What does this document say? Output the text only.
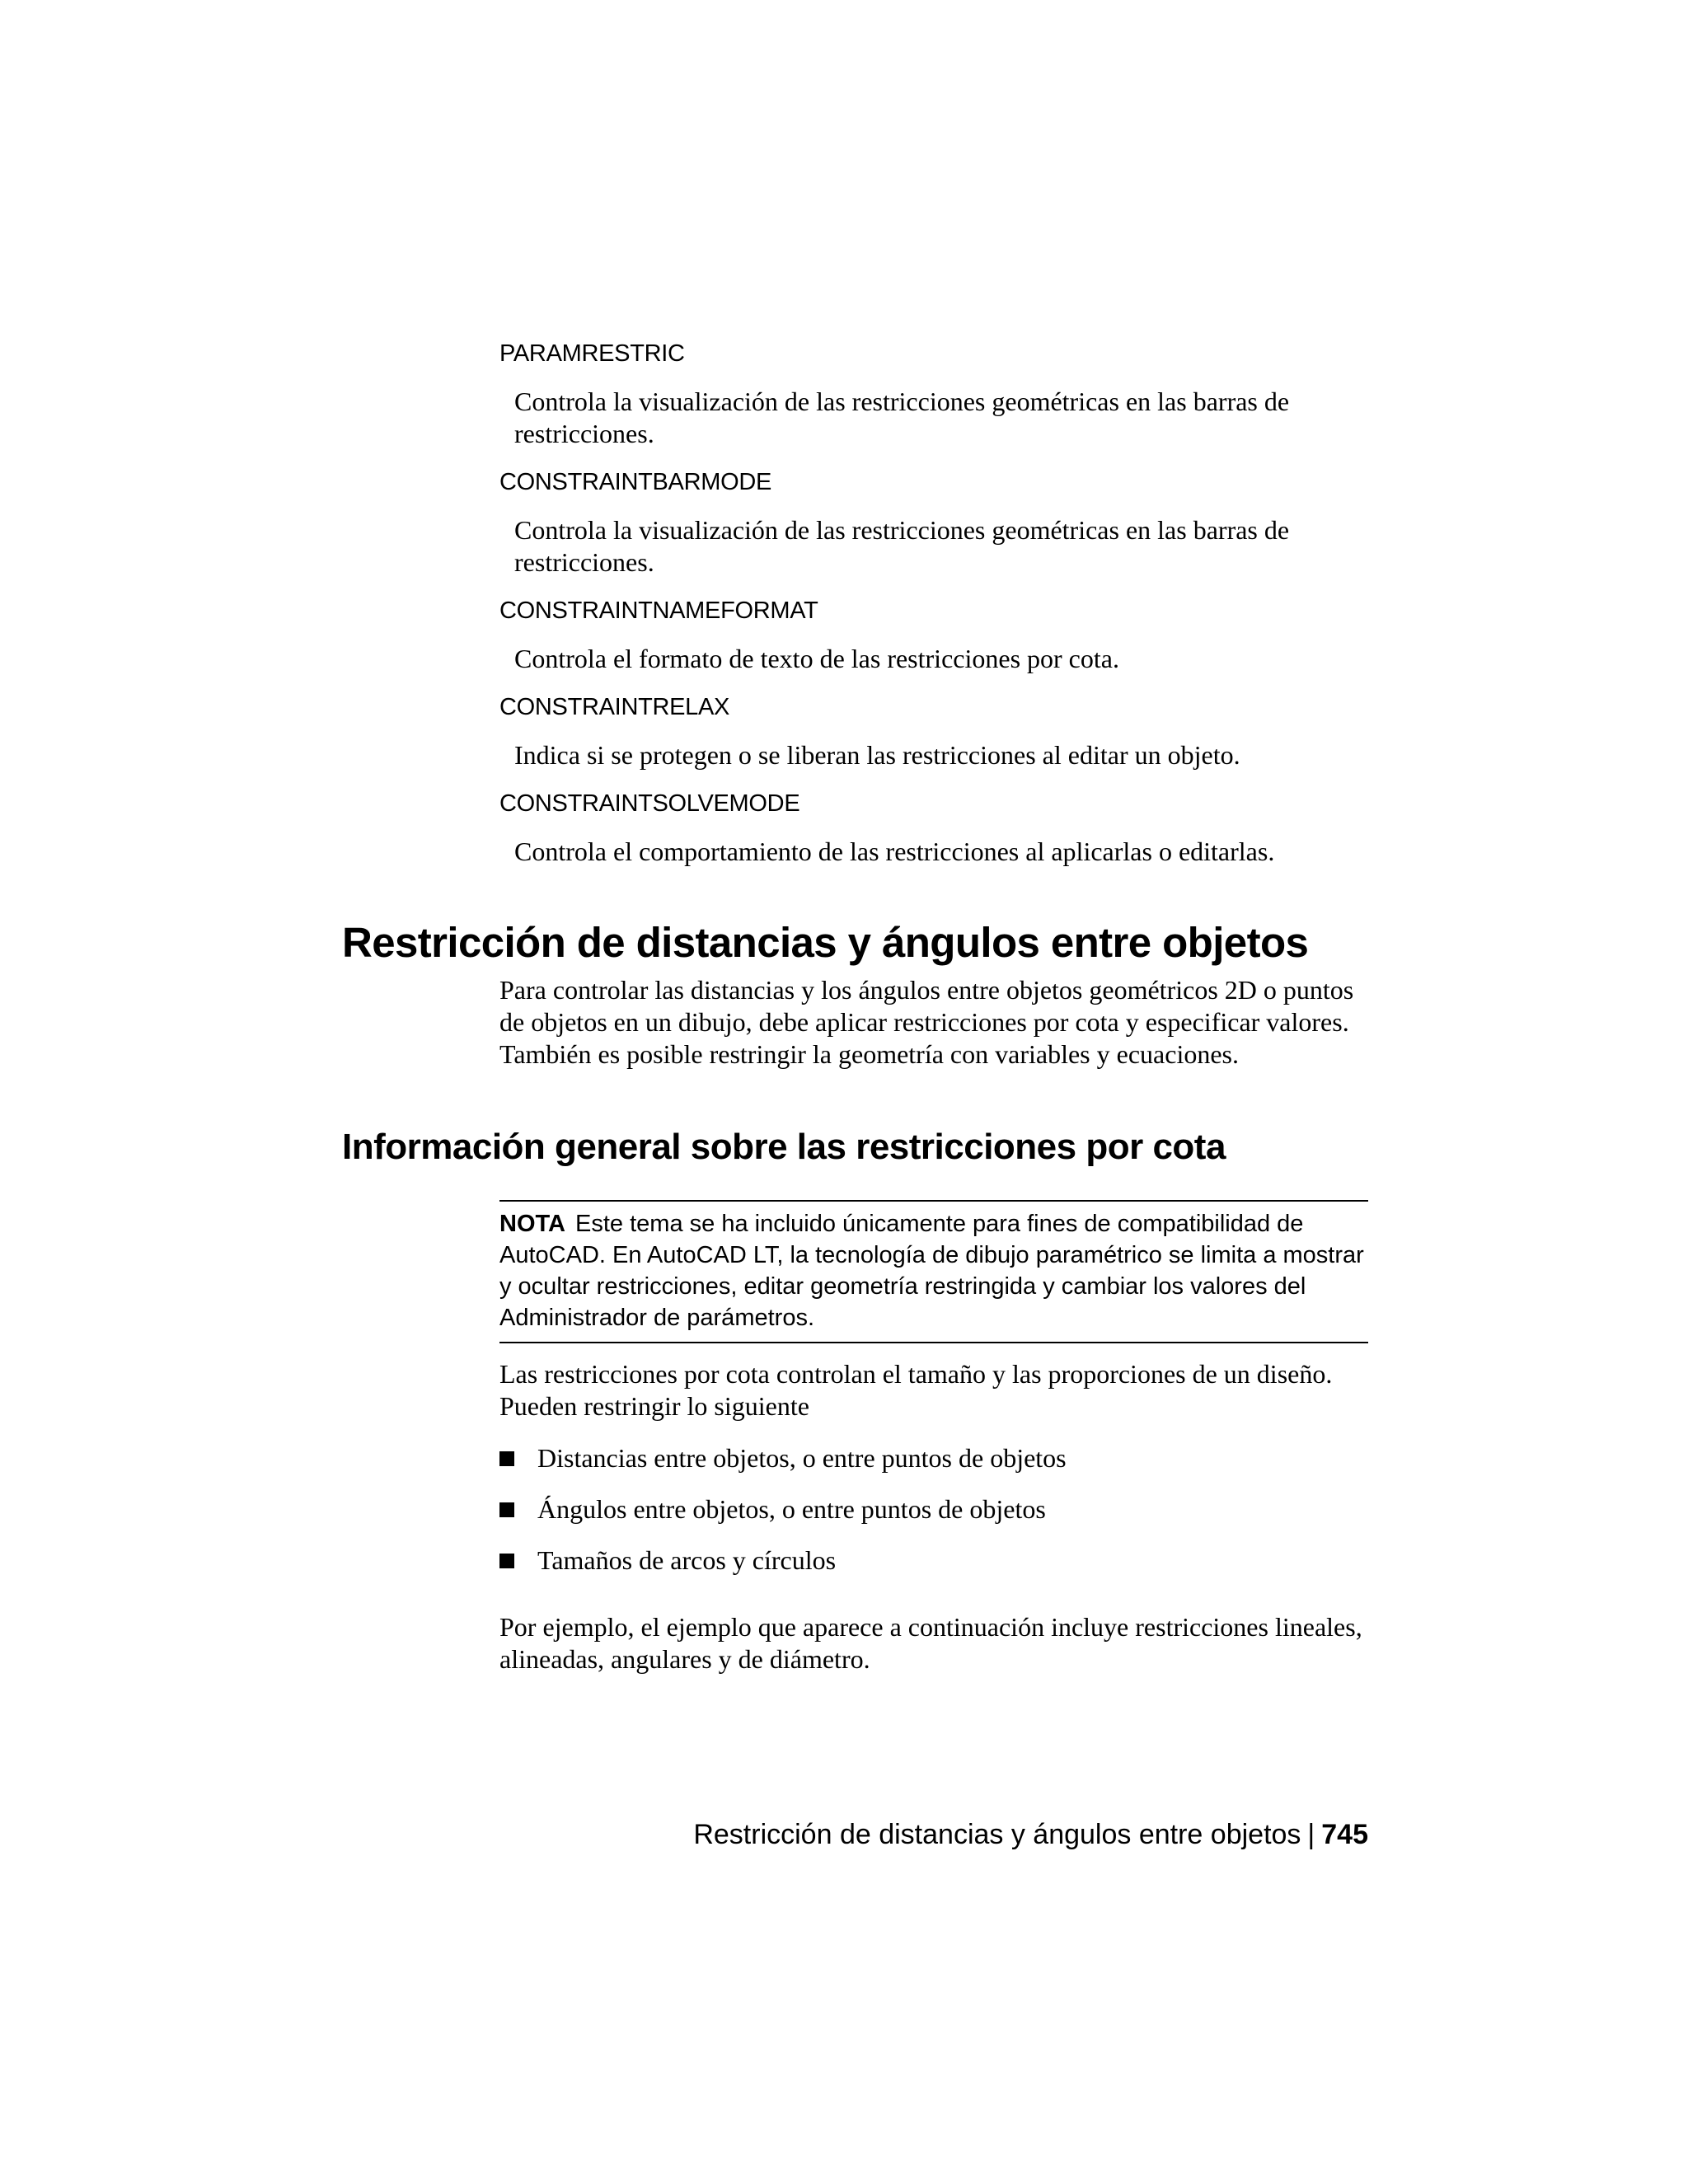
PARAMRESTRIC

Controla la visualización de las restricciones geométricas en las barras de restricciones.

CONSTRAINTBARMODE

Controla la visualización de las restricciones geométricas en las barras de restricciones.

CONSTRAINTNAMEFORMAT

Controla el formato de texto de las restricciones por cota.

CONSTRAINTRELAX

Indica si se protegen o se liberan las restricciones al editar un objeto.

CONSTRAINTSOLVEMODE

Controla el comportamiento de las restricciones al aplicarlas o editarlas.

Restricción de distancias y ángulos entre objetos

Para controlar las distancias y los ángulos entre objetos geométricos 2D o puntos de objetos en un dibujo, debe aplicar restricciones por cota y especificar valores. También es posible restringir la geometría con variables y ecuaciones.

Información general sobre las restricciones por cota
NOTA Este tema se ha incluido únicamente para fines de compatibilidad de AutoCAD. En AutoCAD LT, la tecnología de dibujo paramétrico se limita a mostrar y ocultar restricciones, editar geometría restringida y cambiar los valores del Administrador de parámetros.

Las restricciones por cota controlan el tamaño y las proporciones de un diseño. Pueden restringir lo siguiente

Distancias entre objetos, o entre puntos de objetos
Ángulos entre objetos, o entre puntos de objetos
Tamaños de arcos y círculos

Por ejemplo, el ejemplo que aparece a continuación incluye restricciones lineales, alineadas, angulares y de diámetro.

Restricción de distancias y ángulos entre objetos | 745
